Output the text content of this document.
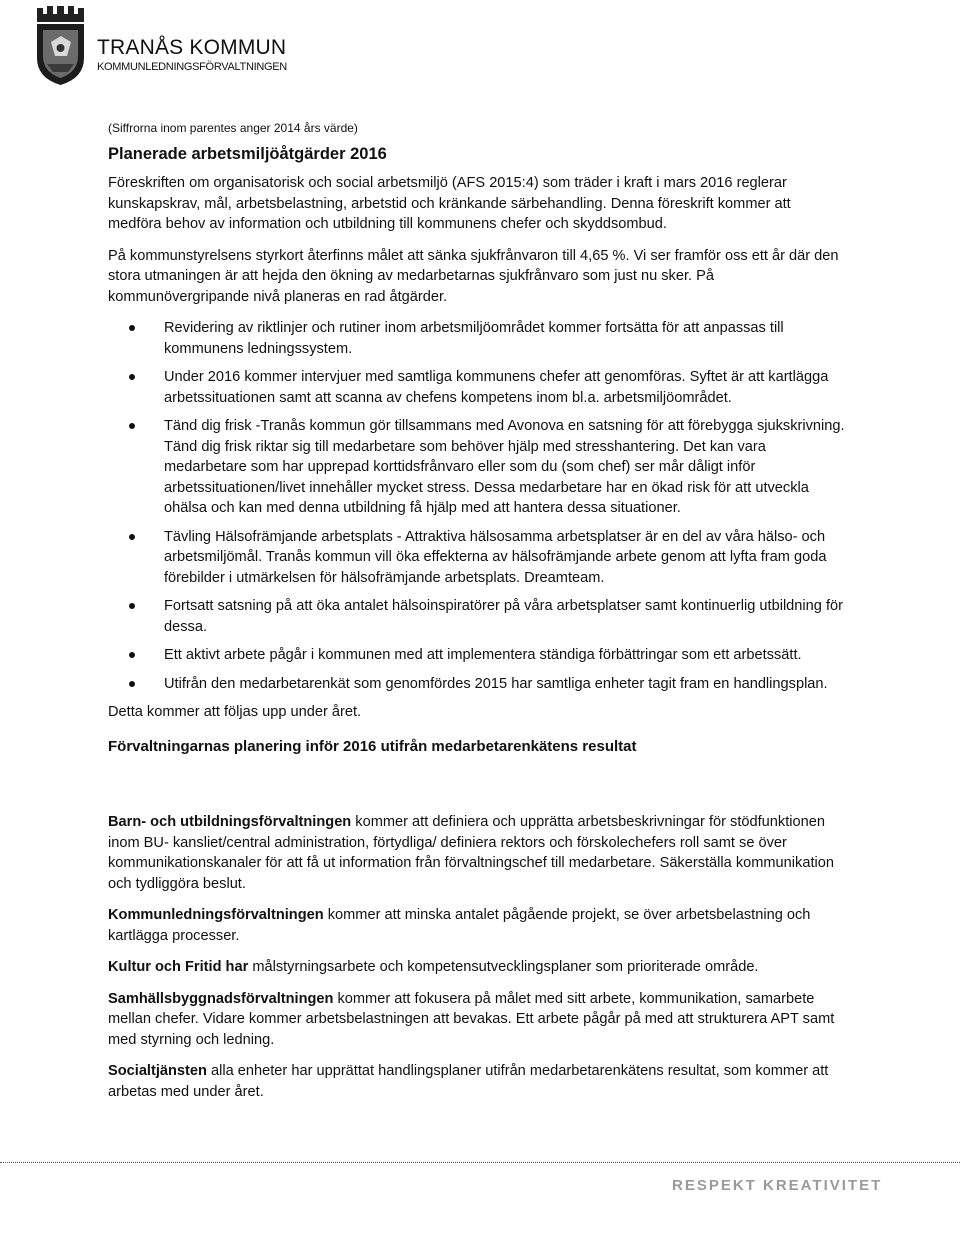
TRANÅS KOMMUN
KOMMUNLEDNINGSFÖRVALTNINGEN
(Siffrorna inom parentes anger 2014 års värde)
Planerade arbetsmiljöåtgärder 2016

Föreskriften om organisatorisk och social arbetsmiljö (AFS 2015:4) som träder i kraft i mars 2016 reglerar kunskapskrav, mål, arbetsbelastning, arbetstid och kränkande särbehandling. Denna föreskrift kommer att medföra behov av information och utbildning till kommunens chefer och skyddsombud.

På kommunstyrelsens styrkort återfinns målet att sänka sjukfrånvaron till 4,65 %. Vi ser framför oss ett år där den stora utmaningen är att hejda den ökning av medarbetarnas sjukfrånvaro som just nu sker. På kommunövergripande nivå planeras en rad åtgärder.

Revidering av riktlinjer och rutiner inom arbetsmiljöområdet kommer fortsätta för att anpassas till kommunens ledningssystem.
Under 2016 kommer intervjuer med samtliga kommunens chefer att genomföras. Syftet är att kartlägga arbetssituationen samt att scanna av chefens kompetens inom bl.a. arbetsmiljöområdet.
Tänd dig frisk -Tranås kommun gör tillsammans med Avonova en satsning för att förebygga sjukskrivning. Tänd dig frisk riktar sig till medarbetare som behöver hjälp med stresshantering. Det kan vara medarbetare som har upprepad korttidsfrånvaro eller som du (som chef) ser mår dåligt inför arbetssituationen/livet innehåller mycket stress. Dessa medarbetare har en ökad risk för att utveckla ohälsa och kan med denna utbildning få hjälp med att hantera dessa situationer.
Tävling Hälsofrämjande arbetsplats - Attraktiva hälsosamma arbetsplatser är en del av våra hälso- och arbetsmiljömål. Tranås kommun vill öka effekterna av hälsofrämjande arbete genom att lyfta fram goda förebilder i utmärkelsen för hälsofrämjande arbetsplats. Dreamteam.
Fortsatt satsning på att öka antalet hälsoinspiratörer på våra arbetsplatser samt kontinuerlig utbildning för dessa.
Ett aktivt arbete pågår i kommunen med att implementera ständiga förbättringar som ett arbetssätt.
Utifrån den medarbetarenkät som genomfördes 2015 har samtliga enheter tagit fram en handlingsplan.

Detta kommer att följas upp under året.

Förvaltningarnas planering inför 2016 utifrån medarbetarenkätens resultat

Barn- och utbildningsförvaltningen kommer att definiera och upprätta arbetsbeskrivningar för stödfunktionen inom BU- kansliet/central administration, förtydliga/ definiera rektors och förskolechefers roll samt se över kommunikationskanaler för att få ut information från förvaltningschef till medarbetare. Säkerställa kommunikation och tydliggöra beslut.

Kommunledningsförvaltningen kommer att minska antalet pågående projekt, se över arbetsbelastning och kartlägga processer.

Kultur och Fritid har målstyrningsarbete och kompetensutvecklingsplaner som prioriterade område.

Samhällsbyggnadsförvaltningen kommer att fokusera på målet med sitt arbete, kommunikation, samarbete mellan chefer. Vidare kommer arbetsbelastningen att bevakas. Ett arbete pågår på med att strukturera APT samt med styrning och ledning.

Socialtjänsten alla enheter har upprättat handlingsplaner utifrån medarbetarenkätens resultat, som kommer att arbetas med under året.

RESPEKT KREATIVITET
